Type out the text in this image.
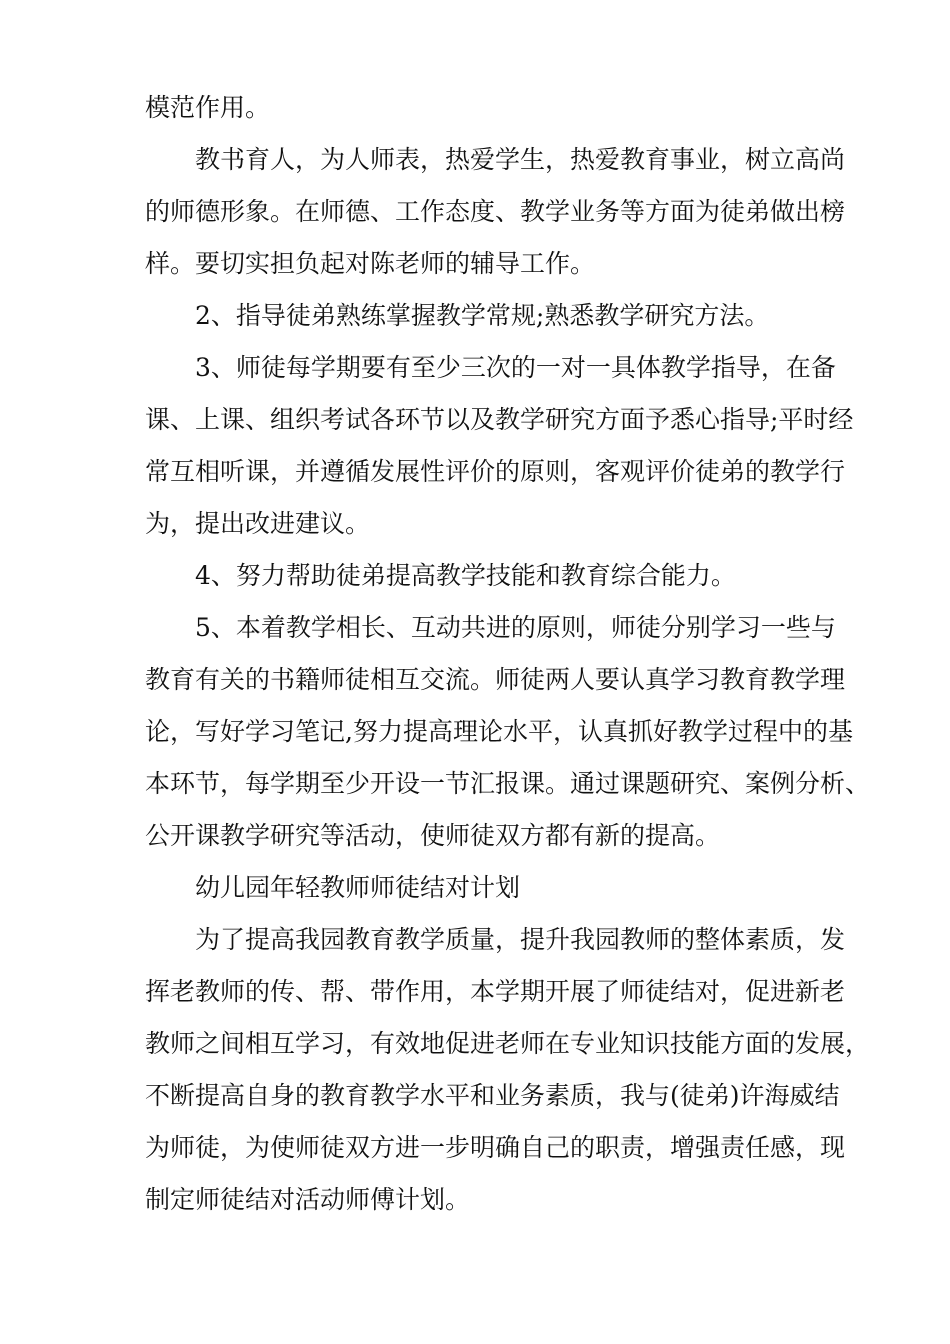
模范作用。
教书育人，为人师表，热爱学生，热爱教育事业，树立高尚
的师德形象。在师德、工作态度、教学业务等方面为徒弟做出榜
样。要切实担负起对陈老师的辅导工作。
2、指导徒弟熟练掌握教学常规;熟悉教学研究方法。
3、师徒每学期要有至少三次的一对一具体教学指导，在备
课、上课、组织考试各环节以及教学研究方面予悉心指导;平时经
常互相听课，并遵循发展性评价的原则，客观评价徒弟的教学行
为，提出改进建议。
4、努力帮助徒弟提高教学技能和教育综合能力。
5、本着教学相长、互动共进的原则，师徒分别学习一些与
教育有关的书籍师徒相互交流。师徒两人要认真学习教育教学理
论，写好学习笔记,努力提高理论水平，认真抓好教学过程中的基
本环节，每学期至少开设一节汇报课。通过课题研究、案例分析、
公开课教学研究等活动，使师徒双方都有新的提高。
幼儿园年轻教师师徒结对计划
为了提高我园教育教学质量，提升我园教师的整体素质，发
挥老教师的传、帮、带作用，本学期开展了师徒结对，促进新老
教师之间相互学习，有效地促进老师在专业知识技能方面的发展，
不断提高自身的教育教学水平和业务素质，我与(徒弟)许海威结
为师徒，为使师徒双方进一步明确自己的职责，增强责任感，现
制定师徒结对活动师傅计划。
